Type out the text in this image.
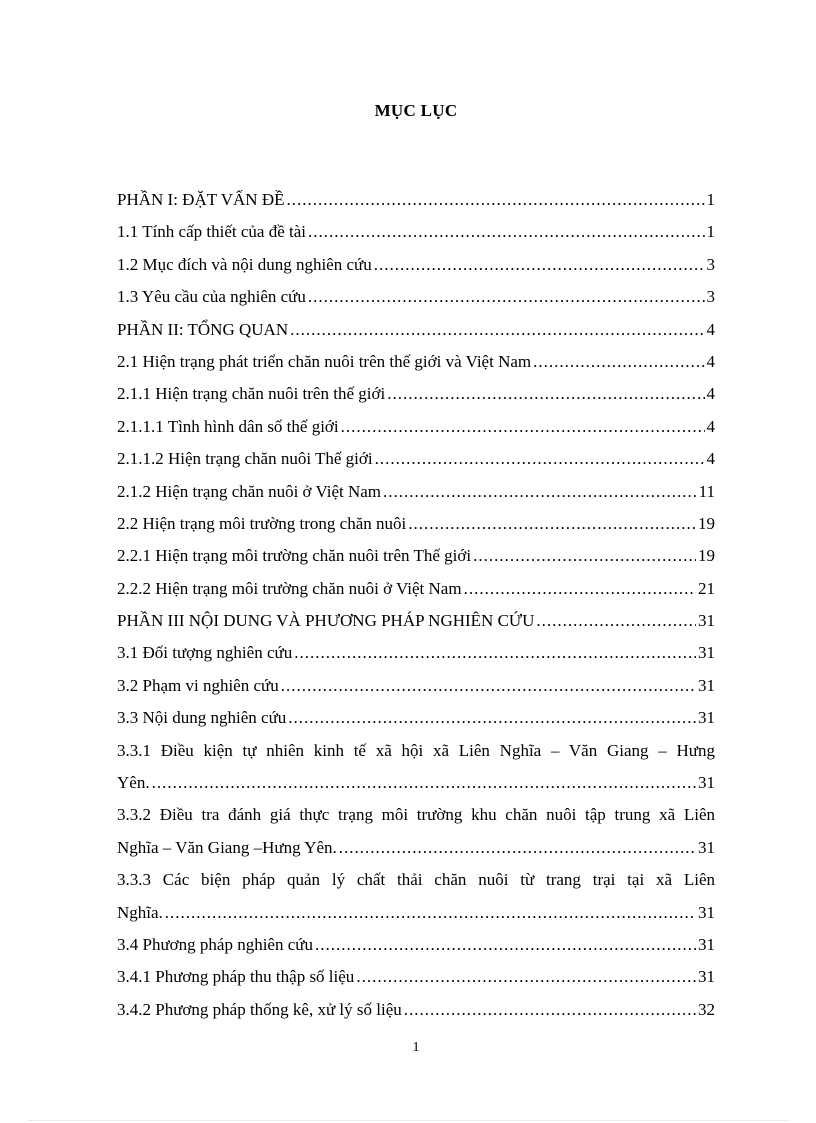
MỤC LỤC
PHẦN I: ĐẶT VẤN ĐỀ .....	1
1.1 Tính cấp thiết của đề tài .....	1
1.2 Mục đích và nội dung nghiên cứu .....	3
1.3 Yêu cầu của nghiên cứu .....	3
PHẦN II: TỔNG QUAN .....	4
2.1 Hiện trạng phát triển chăn nuôi trên thế giới và Việt Nam .....	4
2.1.1 Hiện trạng chăn nuôi trên thế giới .....	4
2.1.1.1 Tình hình dân số thế giới .....	4
2.1.1.2 Hiện trạng chăn nuôi Thế giới .....	4
2.1.2 Hiện trạng chăn nuôi ở Việt Nam .....	11
2.2 Hiện trạng môi trường trong chăn nuôi .....	19
2.2.1 Hiện trạng môi trường chăn nuôi trên Thế giới .....	19
2.2.2 Hiện trạng môi trường chăn nuôi ở Việt Nam .....	21
PHẦN III NỘI DUNG VÀ PHƯƠNG PHÁP NGHIÊN CỨU .....	31
3.1 Đối tượng nghiên cứu .....	31
3.2 Phạm vi nghiên cứu .....	31
3.3 Nội dung nghiên cứu .....	31
3.3.1 Điều kiện tự nhiên kinh tế xã hội xã Liên Nghĩa – Văn Giang – Hưng
Yên. .....	31
3.3.2 Điều tra đánh giá thực trạng môi trường khu chăn nuôi tập trung xã Liên
Nghĩa – Văn Giang –Hưng Yên. .....	31
3.3.3 Các biện pháp quản lý chất thải chăn nuôi từ trang trại tại xã Liên
Nghĩa. .....	31
3.4 Phương pháp nghiên cứu .....	31
3.4.1 Phương pháp thu thập số liệu .....	31
3.4.2 Phương pháp thống kê, xử lý số liệu .....	32
1
